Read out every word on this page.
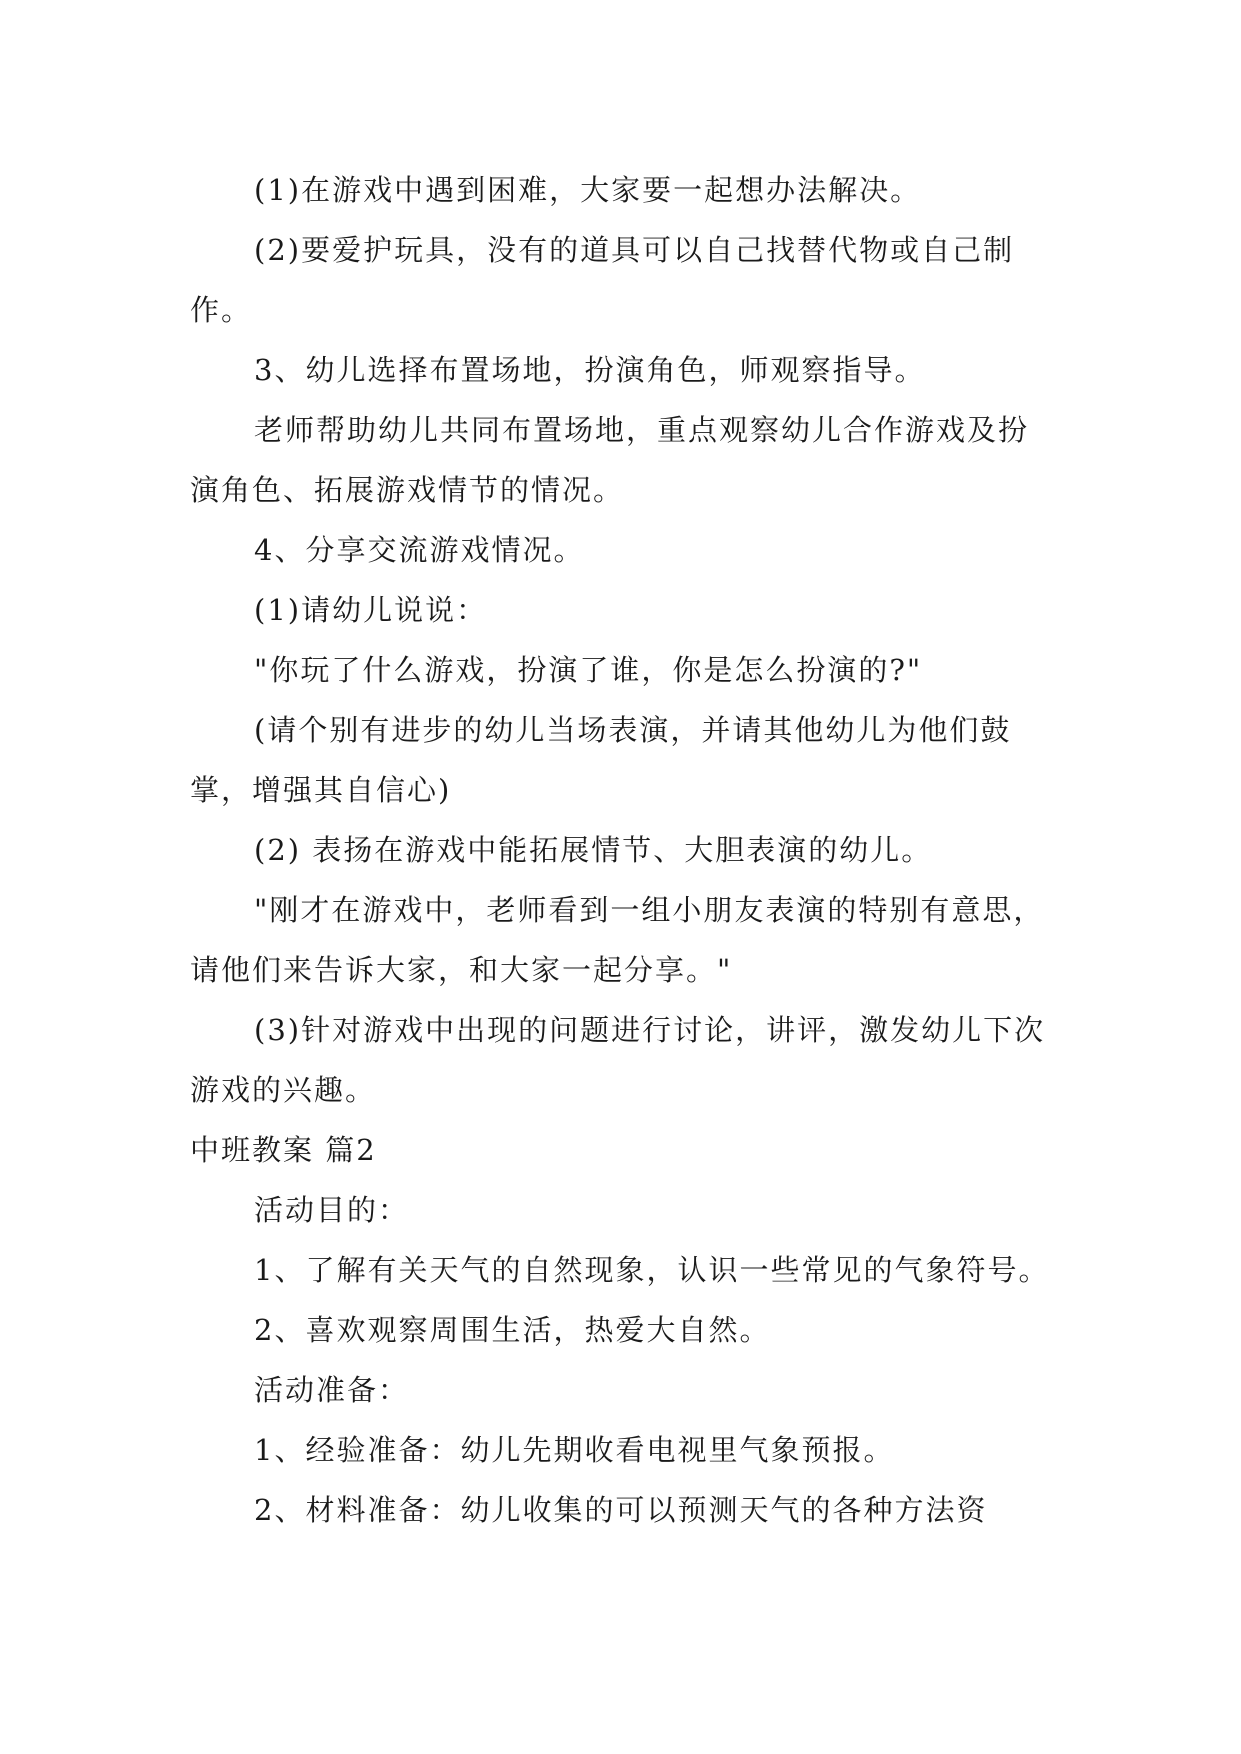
(1)在游戏中遇到困难，大家要一起想办法解决。

(2)要爱护玩具，没有的道具可以自己找替代物或自己制作。

3、幼儿选择布置场地，扮演角色，师观察指导。

老师帮助幼儿共同布置场地，重点观察幼儿合作游戏及扮演角色、拓展游戏情节的情况。

4、分享交流游戏情况。

(1)请幼儿说说：

"你玩了什么游戏，扮演了谁，你是怎么扮演的?"

(请个别有进步的幼儿当场表演，并请其他幼儿为他们鼓掌，增强其自信心)

(2) 表扬在游戏中能拓展情节、大胆表演的幼儿。

"刚才在游戏中，老师看到一组小朋友表演的特别有意思，请他们来告诉大家，和大家一起分享。"

(3)针对游戏中出现的问题进行讨论，讲评，激发幼儿下次游戏的兴趣。

中班教案 篇2

活动目的：

1、了解有关天气的自然现象，认识一些常见的气象符号。

2、喜欢观察周围生活，热爱大自然。

活动准备：

1、经验准备：幼儿先期收看电视里气象预报。

2、材料准备：幼儿收集的可以预测天气的各种方法资
